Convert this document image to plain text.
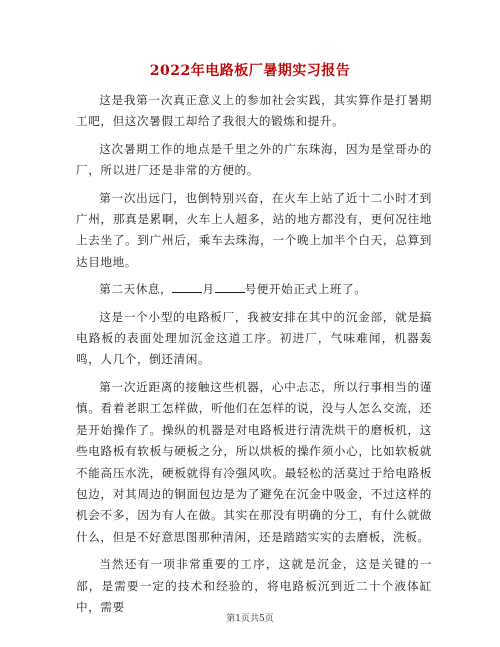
2022年电路板厂暑期实习报告

这是我第一次真正意义上的参加社会实践，其实算作是打暑期工吧，但这次暑假工却给了我很大的锻炼和提升。

这次暑期工作的地点是千里之外的广东珠海，因为是堂哥办的厂，所以进厂还是非常的方便的。

第一次出远门，也倒特别兴奋，在火车上站了近十二小时才到广州，那真是累啊，火车上人超多，站的地方都没有，更何况往地上去坐了。到广州后，乘车去珠海，一个晚上加半个白天，总算到达目地地。

第二天休息，	月	号便开始正式上班了。

这是一个小型的电路板厂，我被安排在其中的沉金部，就是搞电路板的表面处理加沉金这道工序。初进厂，气味难闻，机器轰鸣，人几个，倒还清闲。

第一次近距离的接触这些机器，心中忐忑，所以行事相当的谨慎。看着老职工怎样做，听他们在怎样的说，没与人怎么交流，还是开始操作了。操纵的机器是对电路板进行清洗烘干的磨板机，这些电路板有软板与硬板之分，所以烘板的操作须小心，比如软板就不能高压水洗，硬板就得有冷强风吹。最轻松的活莫过于给电路板包边，对其周边的铜面包边是为了避免在沉金中吸金，不过这样的机会不多，因为有人在做。其实在那没有明确的分工，有什么就做什么，但是不好意思图那种清闲，还是踏踏实实的去磨板，洗板。

当然还有一项非常重要的工序，这就是沉金，这是关键的一部，是需要一定的技术和经验的，将电路板沉到近二十个液体缸中，需要

第1页共5页
